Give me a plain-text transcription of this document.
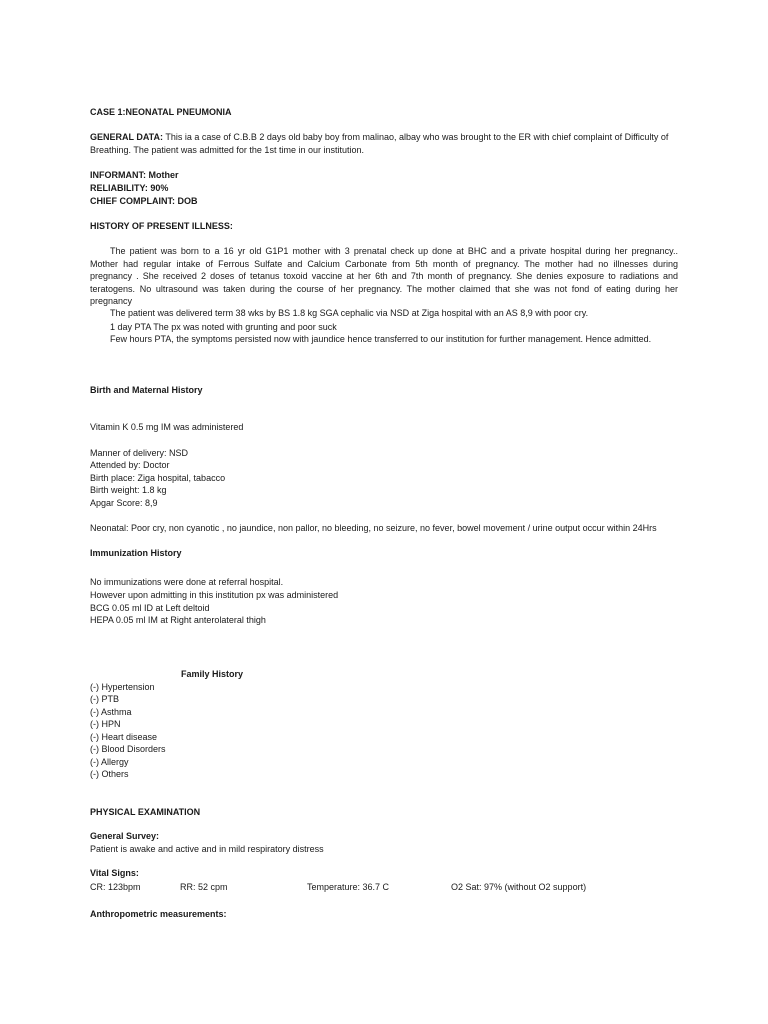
CASE 1:NEONATAL PNEUMONIA
GENERAL DATA: This ia a case of C.B.B 2 days old baby boy from malinao, albay who was brought to the ER with chief complaint of Difficulty of
Breathing. The patient was admitted for the 1st time in our institution.
INFORMANT: Mother
RELIABILITY: 90%
CHIEF COMPLAINT: DOB
HISTORY OF PRESENT ILLNESS:
The patient was born to a 16 yr old G1P1 mother with 3 prenatal check up done at BHC and a private hospital during her pregnancy..
Mother had regular intake of Ferrous Sulfate and Calcium Carbonate from 5th month of pregnancy. The mother had no illnesses during
pregnancy . She received 2 doses of tetanus toxoid vaccine at her 6th and 7th month of pregnancy. She denies exposure to radiations and
teratogens. No ultrasound was taken during the course of her pregnancy. The mother claimed that she was not fond of eating during her
pregnancy
The patient was delivered term 38 wks by BS 1.8 kg SGA cephalic via NSD at Ziga hospital with an AS 8,9 with poor cry.
1 day PTA The px was noted with grunting and poor suck
Few hours PTA, the symptoms persisted now with jaundice hence transferred to our institution for further management. Hence admitted.
Birth and Maternal History
Vitamin K 0.5 mg IM was administered
Manner of delivery: NSD
Attended by: Doctor
Birth place: Ziga hospital, tabacco
Birth weight: 1.8 kg
Apgar Score: 8,9
Neonatal: Poor cry, non cyanotic , no jaundice, non pallor, no bleeding, no seizure, no fever, bowel movement / urine output occur within 24Hrs
Immunization History
No immunizations were done at referral hospital.
However upon admitting in this institution px was administered
BCG 0.05 ml ID at Left deltoid
HEPA 0.05 ml IM at Right anterolateral thigh
Family History
(-) Hypertension
(-) PTB
(-) Asthma
(-) HPN
(-) Heart disease
(-) Blood Disorders
(-) Allergy
(-) Others
PHYSICAL EXAMINATION
General Survey:
Patient is awake and active and in mild respiratory distress
Vital Signs:
CR: 123bpm	RR: 52 cpm	Temperature: 36.7 C	O2 Sat: 97% (without O2 support)
Anthropometric measurements:
